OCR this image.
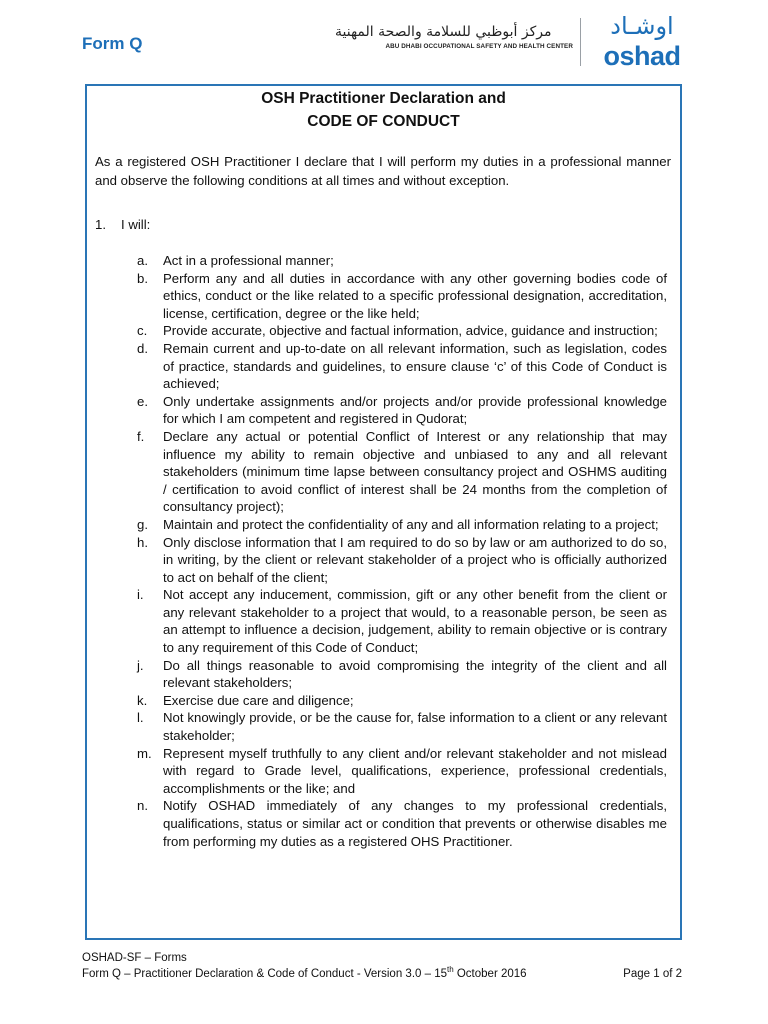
Form Q
مركز أبوظبي للسلامة والصحة المهنية
ABU DHABI OCCUPATIONAL SAFETY AND HEALTH CENTER
اوشـاد
oshad
OSH Practitioner Declaration and
CODE OF CONDUCT
As a registered OSH Practitioner I declare that I will perform my duties in a professional manner and observe the following conditions at all times and without exception.
1. I will:
a. Act in a professional manner;
b. Perform any and all duties in accordance with any other governing bodies code of ethics, conduct or the like related to a specific professional designation, accreditation, license, certification, degree or the like held;
c. Provide accurate, objective and factual information, advice, guidance and instruction;
d. Remain current and up-to-date on all relevant information, such as legislation, codes of practice, standards and guidelines, to ensure clause ‘c’ of this Code of Conduct is achieved;
e. Only undertake assignments and/or projects and/or provide professional knowledge for which I am competent and registered in Qudorat;
f. Declare any actual or potential Conflict of Interest or any relationship that may influence my ability to remain objective and unbiased to any and all relevant stakeholders (minimum time lapse between consultancy project and OSHMS auditing / certification to avoid conflict of interest shall be 24 months from the completion of consultancy project);
g. Maintain and protect the confidentiality of any and all information relating to a project;
h. Only disclose information that I am required to do so by law or am authorized to do so, in writing, by the client or relevant stakeholder of a project who is officially authorized to act on behalf of the client;
i. Not accept any inducement, commission, gift or any other benefit from the client or any relevant stakeholder to a project that would, to a reasonable person, be seen as an attempt to influence a decision, judgement, ability to remain objective or is contrary to any requirement of this Code of Conduct;
j. Do all things reasonable to avoid compromising the integrity of the client and all relevant stakeholders;
k. Exercise due care and diligence;
l. Not knowingly provide, or be the cause for, false information to a client or any relevant stakeholder;
m. Represent myself truthfully to any client and/or relevant stakeholder and not mislead with regard to Grade level, qualifications, experience, professional credentials, accomplishments or the like; and
n. Notify OSHAD immediately of any changes to my professional credentials, qualifications, status or similar act or condition that prevents or otherwise disables me from performing my duties as a registered OHS Practitioner.
OSHAD-SF – Forms
Form Q – Practitioner Declaration & Code of Conduct - Version 3.0 – 15th October 2016	Page 1 of 2
